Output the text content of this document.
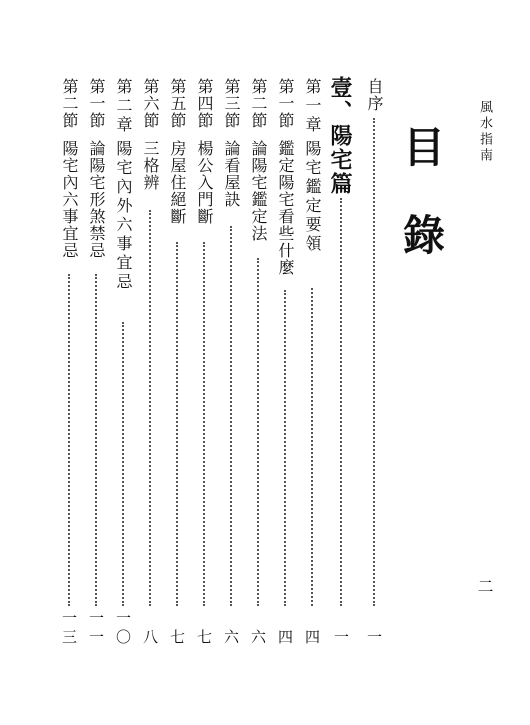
風水指南
二
目錄
自序
一
壹、陽宅篇
一
第一章
陽宅鑑定要領
四
第一節
鑑定陽宅看些什麼
四
第二節
論陽宅鑑定法
六
第三節
論看屋訣
六
第四節
楊公入門斷
七
第五節
房屋住絕斷
七
第六節
三格辨
八
第二章
陽宅內外六事宜忌
一〇
第一節
論陽宅形煞禁忌
一一
第二節
陽宅內六事宜忌
一三
